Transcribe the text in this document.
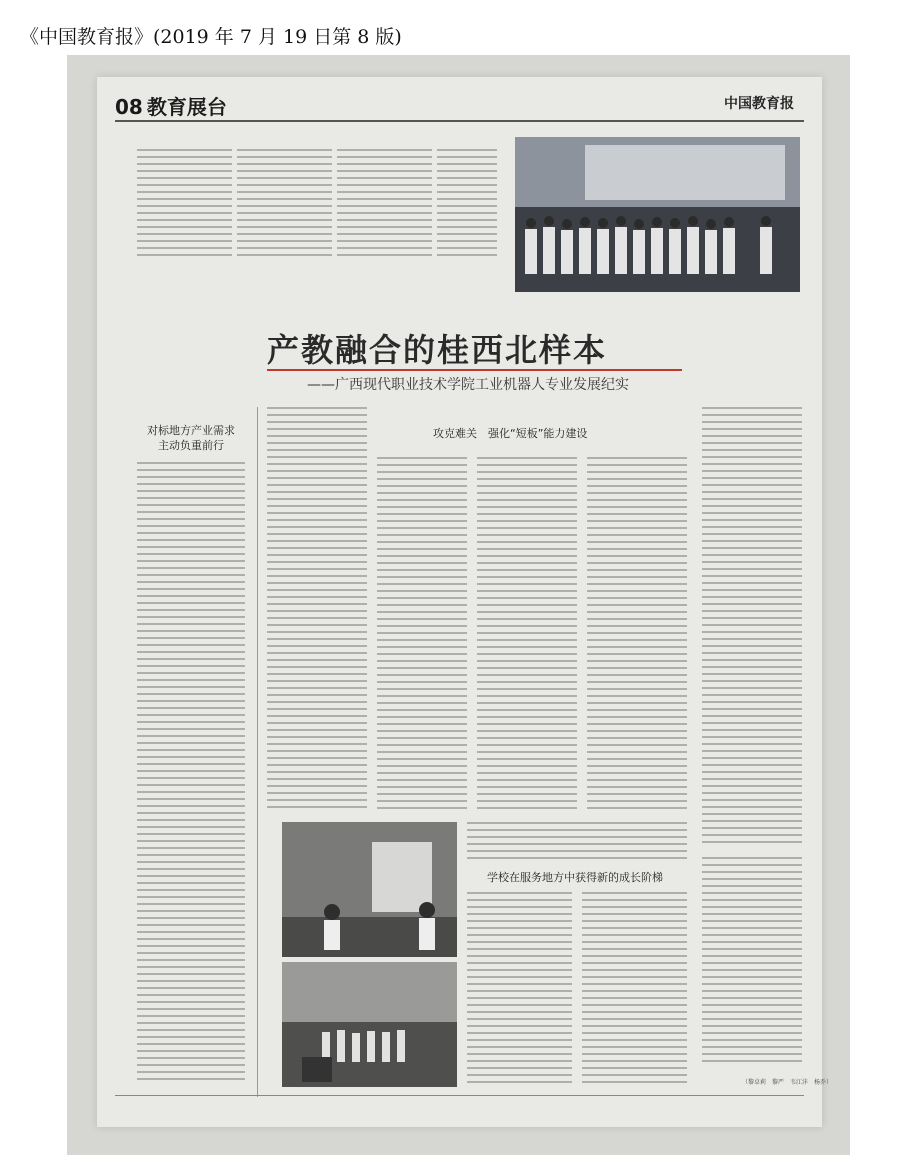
《中国教育报》(2019 年 7 月 19 日第 8 版)
08 教育展台	中国教育报
产教融合的桂西北样本
——广西现代职业技术学院工业机器人专业发展纪实
对标地方产业需求
主动负重前行
攻克难关　强化“短板”能力建设
学校在服务地方中获得新的成长阶梯
（黎卓莉　黎严　韦江沣　杨乔）
